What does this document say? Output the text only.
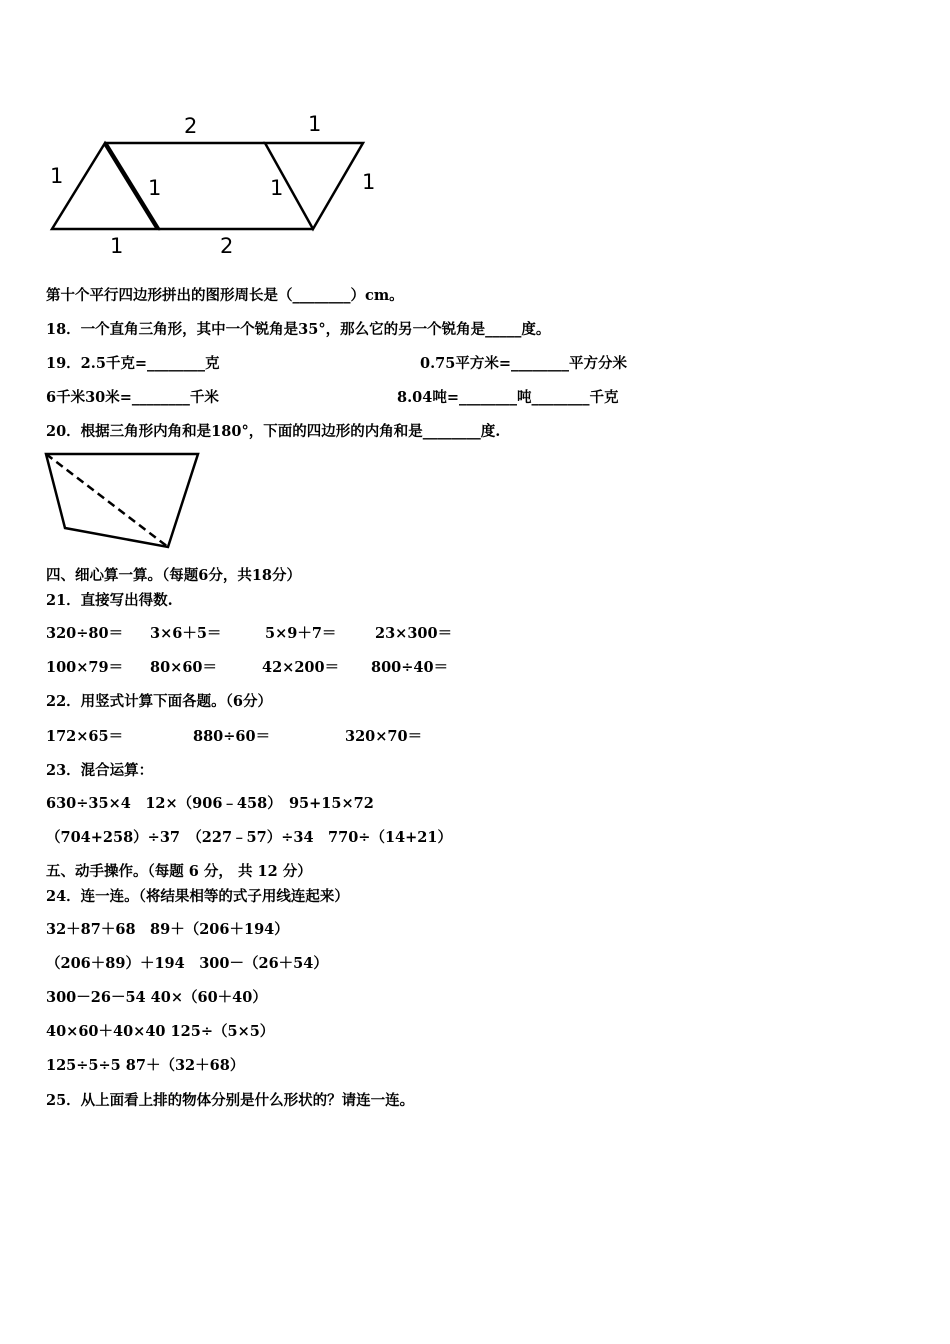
2	1
1	1	1	1
1	2
第十个平行四边形拼出的图形周长是（________）cm。
18．一个直角三角形，其中一个锐角是35°，那么它的另一个锐角是_____度。
19．2.5千克=________克	0.75平方米=________平方分米
6千米30米=________千米	8.04吨=________吨________千克
20．根据三角形内角和是180°，下面的四边形的内角和是________度.
四、细心算一算。（每题6分，共18分）
21．直接写出得数.
320÷80＝ 3×6＋5＝	5×9＋7＝	23×300＝
100×79＝ 80×60＝	42×200＝ 800÷40＝
22．用竖式计算下面各题。（6分）
172×65＝	880÷60＝	320×70＝
23．混合运算：
630÷35×4　12×（906﹣458）　95+15×72
（704+258）÷37　（227﹣57）÷34　770÷（14+21）
五、动手操作。（每题 6 分， 共 12 分）
24．连一连。（将结果相等的式子用线连起来）
32＋87＋68　89＋（206＋194）
（206＋89）＋194　300－（26＋54）
300－26－54 40×（60＋40）
40×60＋40×40 125÷（5×5）
125÷5÷5 87＋（32＋68）
25．从上面看上排的物体分别是什么形状的？请连一连。
